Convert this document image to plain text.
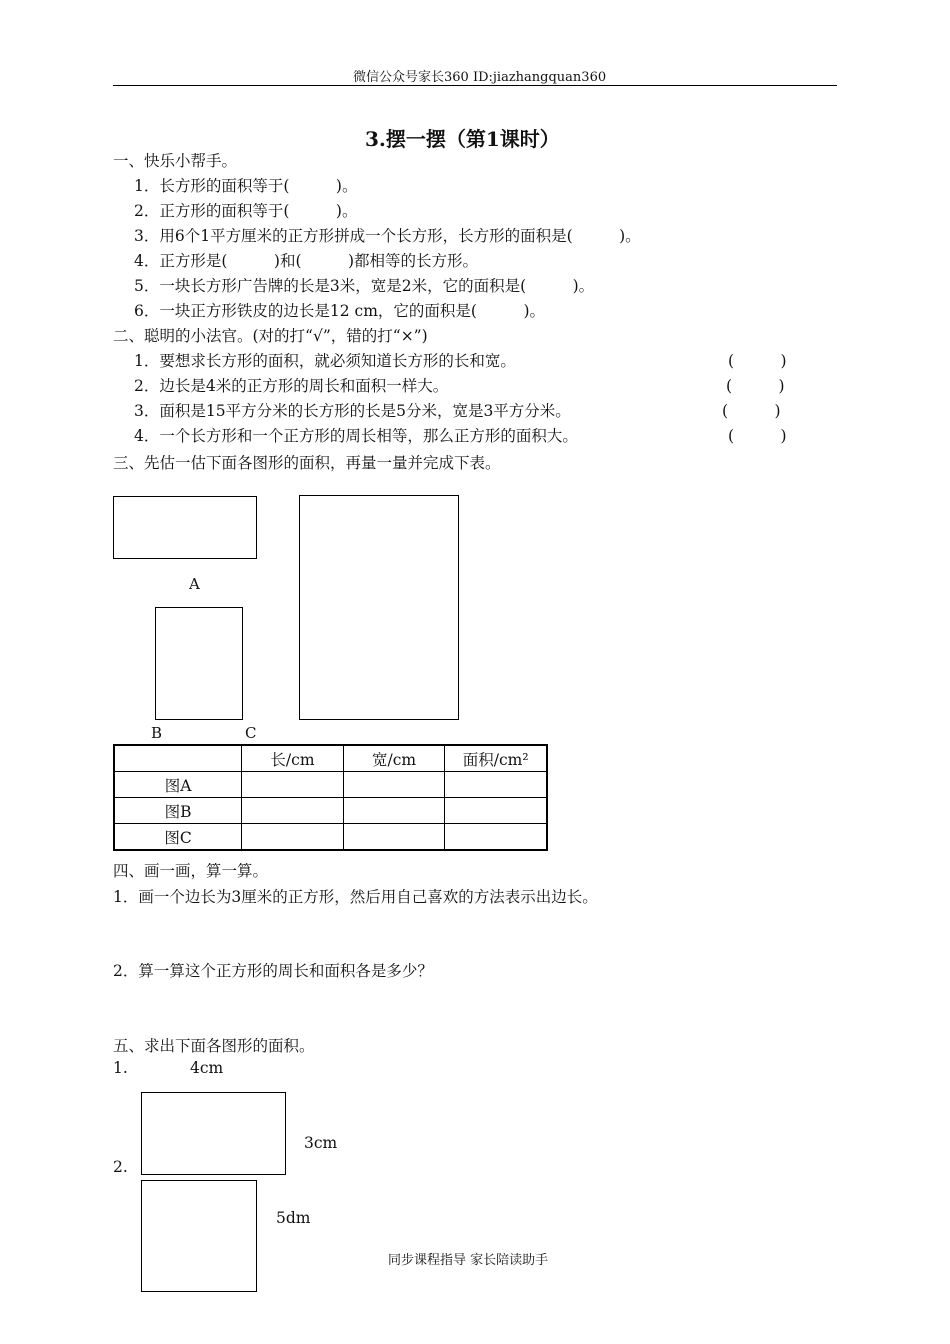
微信公众号家长360 ID:jiazhangquan360
3.摆一摆（第1课时）
一、快乐小帮手。
1．长方形的面积等于(　　　)。
2．正方形的面积等于(　　　)。
3．用6个1平方厘米的正方形拼成一个长方形，长方形的面积是(　　　)。
4．正方形是(　　　)和(　　　)都相等的长方形。
5．一块长方形广告牌的长是3米，宽是2米，它的面积是(　　　)。
6．一块正方形铁皮的边长是12 cm，它的面积是(　　　)。
二、聪明的小法官。(对的打“√”，错的打“×”)
1．要想求长方形的面积，就必须知道长方形的长和宽。	(　　　)
2．边长是4米的正方形的周长和面积一样大。	(　　　)
3．面积是15平方分米的长方形的长是5分米，宽是3平方分米。	(　　　)
4．一个长方形和一个正方形的周长相等，那么正方形的面积大。	(　　　)
三、先估一估下面各图形的面积，再量一量并完成下表。
A
B	C
	长/cm	宽/cm	面积/cm²
图A			
图B			
图C			
四、画一画，算一算。
1．画一个边长为3厘米的正方形，然后用自己喜欢的方法表示出边长。
2．算一算这个正方形的周长和面积各是多少？
五、求出下面各图形的面积。
1.	4cm
3cm
2.
5dm
同步课程指导 家长陪读助手
